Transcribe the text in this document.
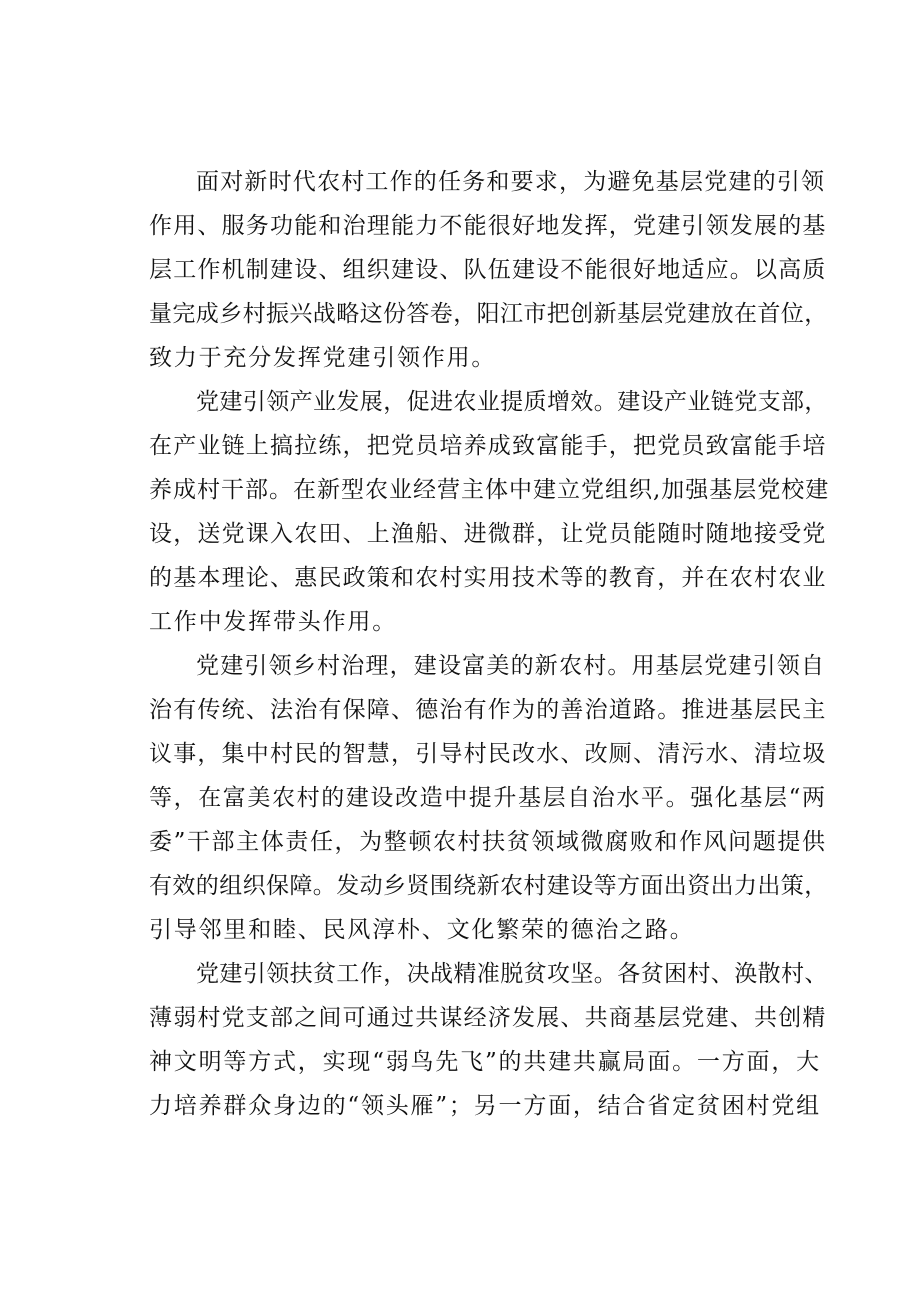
面对新时代农村工作的任务和要求，为避免基层党建的引领
作用、服务功能和治理能力不能很好地发挥，党建引领发展的基
层工作机制建设、组织建设、队伍建设不能很好地适应。以高质
量完成乡村振兴战略这份答卷，阳江市把创新基层党建放在首位，
致力于充分发挥党建引领作用。
党建引领产业发展，促进农业提质增效。建设产业链党支部，
在产业链上搞拉练，把党员培养成致富能手，把党员致富能手培
养成村干部。在新型农业经营主体中建立党组织,加强基层党校建
设，送党课入农田、上渔船、进微群，让党员能随时随地接受党
的基本理论、惠民政策和农村实用技术等的教育，并在农村农业
工作中发挥带头作用。
党建引领乡村治理，建设富美的新农村。用基层党建引领自
治有传统、法治有保障、德治有作为的善治道路。推进基层民主
议事，集中村民的智慧，引导村民改水、改厕、清污水、清垃圾
等，在富美农村的建设改造中提升基层自治水平。强化基层“两
委”干部主体责任，为整顿农村扶贫领域微腐败和作风问题提供
有效的组织保障。发动乡贤围绕新农村建设等方面出资出力出策，
引导邻里和睦、民风淳朴、文化繁荣的德治之路。
党建引领扶贫工作，决战精准脱贫攻坚。各贫困村、涣散村、
薄弱村党支部之间可通过共谋经济发展、共商基层党建、共创精
神文明等方式，实现“弱鸟先飞”的共建共赢局面。一方面，大
力培养群众身边的“领头雁”；另一方面，结合省定贫困村党组
